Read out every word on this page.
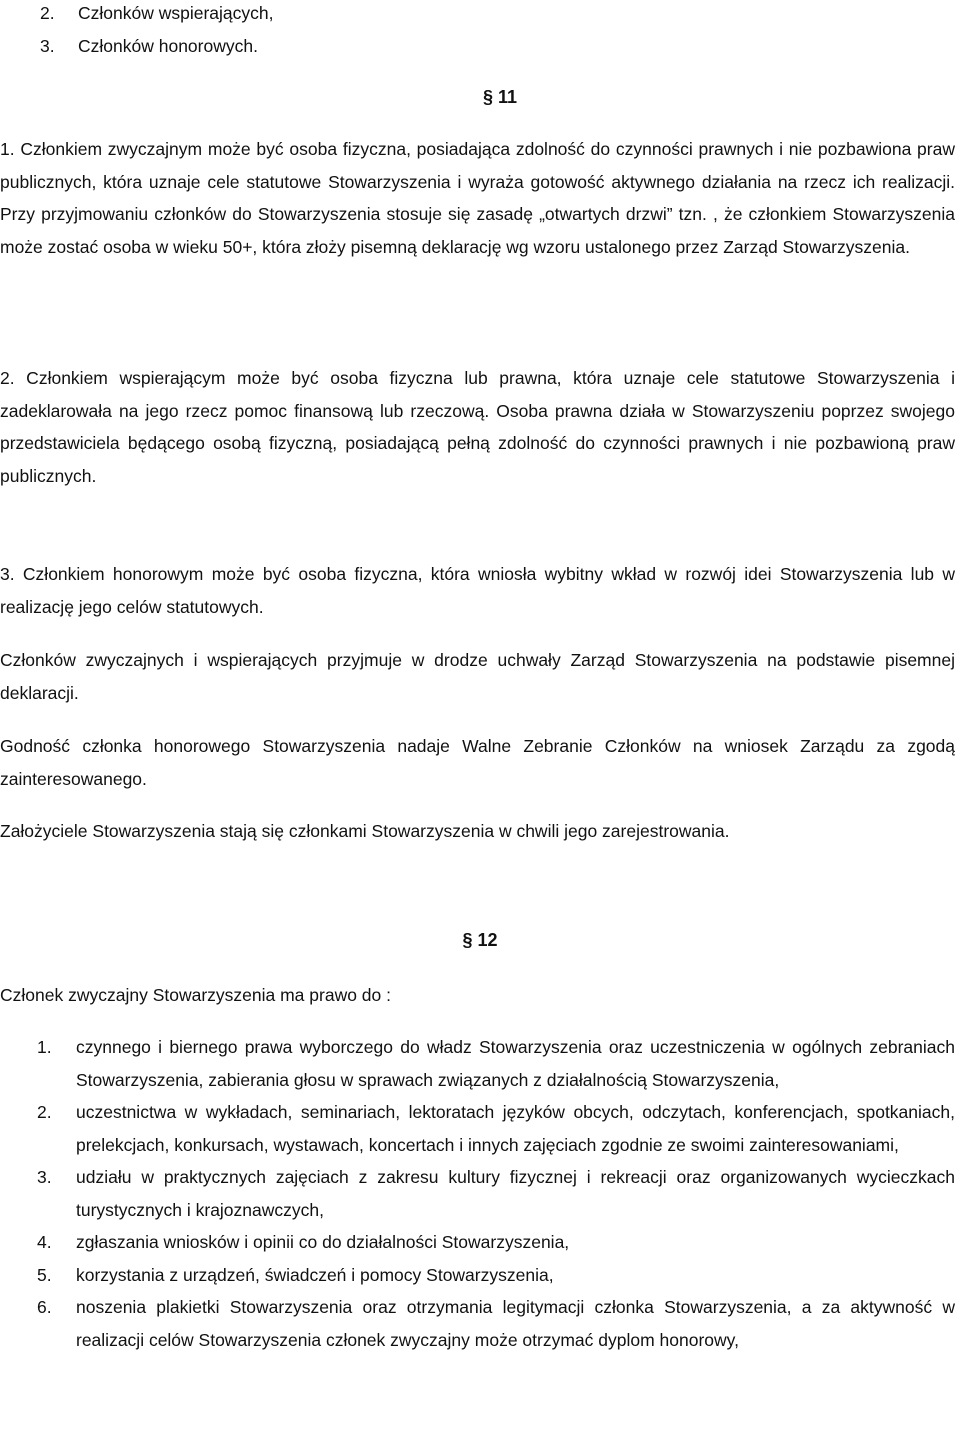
2. Członków wspierających,
3. Członków honorowych.
§ 11

1. Członkiem zwyczajnym może być osoba fizyczna, posiadająca zdolność do czynności prawnych i nie pozbawiona praw publicznych, która uznaje cele statutowe Stowarzyszenia i wyraża gotowość aktywnego działania na rzecz ich realizacji. Przy przyjmowaniu członków do Stowarzyszenia stosuje się zasadę „otwartych drzwi” tzn. , że członkiem Stowarzyszenia może zostać osoba w wieku 50+, która złoży pisemną deklarację wg wzoru ustalonego przez Zarząd Stowarzyszenia.

2. Członkiem wspierającym może być osoba fizyczna lub prawna, która uznaje cele statutowe Stowarzyszenia i zadeklarowała na jego rzecz pomoc finansową lub rzeczową. Osoba prawna działa w Stowarzyszeniu poprzez swojego przedstawiciela będącego osobą fizyczną, posiadającą pełną zdolność do czynności prawnych i nie pozbawioną praw publicznych.

3. Członkiem honorowym może być osoba fizyczna, która wniosła wybitny wkład w rozwój idei Stowarzyszenia lub w realizację jego celów statutowych.

Członków zwyczajnych i wspierających przyjmuje w drodze uchwały Zarząd Stowarzyszenia na podstawie pisemnej deklaracji.

Godność członka honorowego Stowarzyszenia nadaje Walne Zebranie Członków na wniosek Zarządu za zgodą zainteresowanego.

Założyciele Stowarzyszenia stają się członkami Stowarzyszenia w chwili jego zarejestrowania.

§ 12

Członek zwyczajny Stowarzyszenia ma prawo do :

1. czynnego i biernego prawa wyborczego do władz Stowarzyszenia oraz uczestniczenia w ogólnych zebraniach Stowarzyszenia, zabierania głosu w sprawach związanych z działalnością Stowarzyszenia,
2. uczestnictwa w wykładach, seminariach, lektoratach języków obcych, odczytach, konferencjach, spotkaniach, prelekcjach, konkursach, wystawach, koncertach i innych zajęciach zgodnie ze swoimi zainteresowaniami,
3. udziału w praktycznych zajęciach z zakresu kultury fizycznej i rekreacji oraz organizowanych wycieczkach turystycznych i krajoznawczych,
4. zgłaszania wniosków i opinii co do działalności Stowarzyszenia,
5. korzystania z urządzeń, świadczeń i pomocy Stowarzyszenia,
6. noszenia plakietki Stowarzyszenia oraz otrzymania legitymacji członka Stowarzyszenia, a za aktywność w realizacji celów Stowarzyszenia członek zwyczajny może otrzymać dyplom honorowy,
